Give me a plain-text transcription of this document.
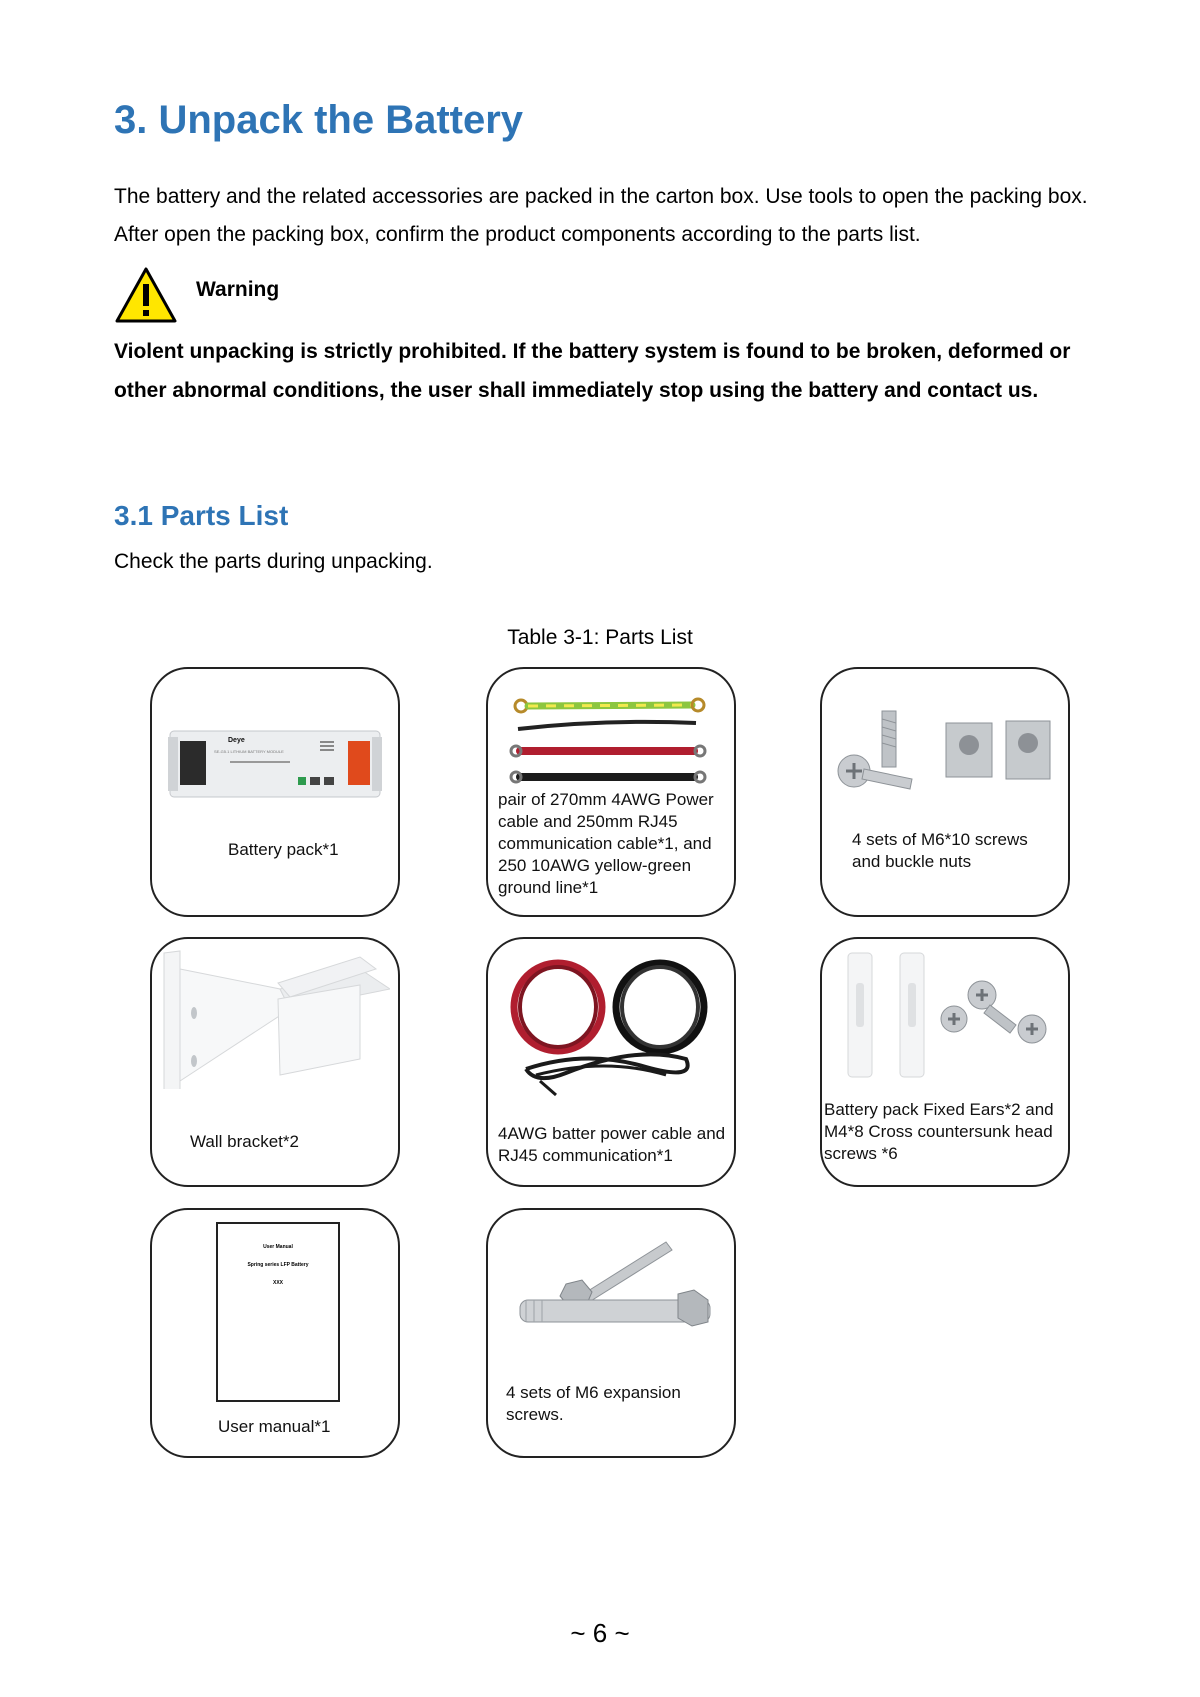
3. Unpack the Battery

The battery and the related accessories are packed in the carton box. Use tools to open the packing box. After open the packing box, confirm the product components according to the parts list.

Warning

Violent unpacking is strictly prohibited. If the battery system is found to be broken, deformed or other abnormal conditions, the user shall immediately stop using the battery and contact us.

3.1 Parts List

Check the parts during unpacking.

Table 3-1: Parts List

Deye
SE-G5.1 LITHIUM BATTERY MODULE
Battery pack*1
pair of 270mm 4AWG Power cable and 250mm RJ45 communication cable*1, and 250 10AWG yellow-green ground line*1
4 sets of M6*10 screws and buckle nuts
Wall bracket*2	4AWG batter power cable and RJ45 communication*1
Battery pack Fixed Ears*2 and M4*8 Cross countersunk head screws *6
User Manual
Spring series LFP Battery
XXX
User manual*1
4 sets of M6 expansion screws.

~ 6 ~
